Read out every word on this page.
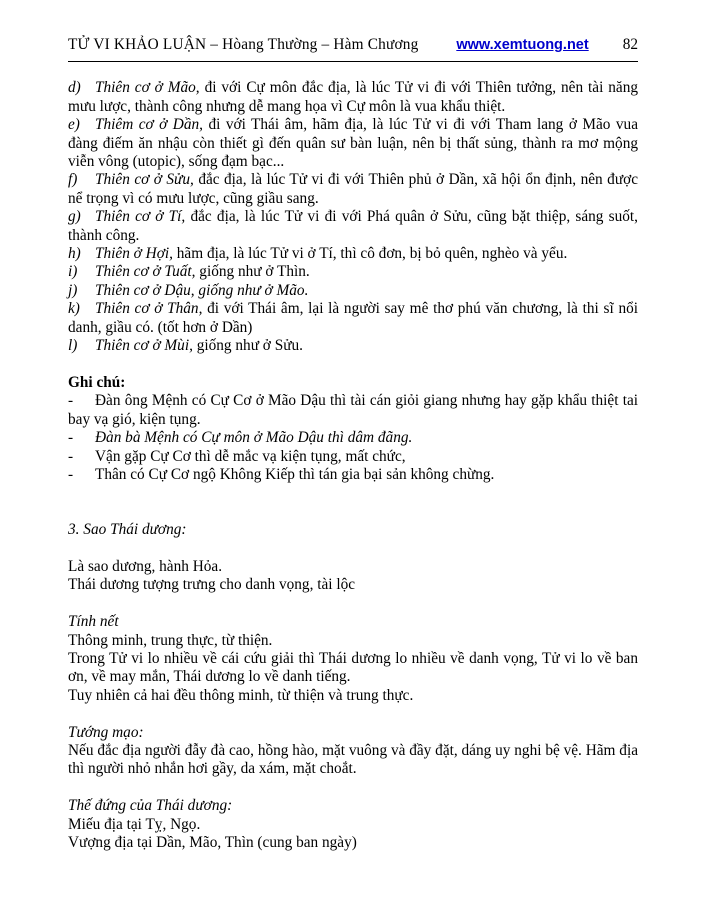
TỬ VI KHẢO LUẬN – Hòang Thường – Hàm Chương	www.xemtuong.net 82

d) Thiên cơ ở Mão, đi với Cự môn đắc địa, là lúc Tử vi đi với Thiên tưởng, nên tài năng mưu lược, thành công nhưng dễ mang họa vì Cự môn là vua khẩu thiệt.

e) Thiêm cơ ở Dần, đi với Thái âm, hãm địa, là lúc Tử vi đi với Tham lang ở Mão vua đàng điếm ăn nhậu còn thiết gì đến quân sư bàn luận, nên bị thất sủng, thành ra mơ mộng viễn vông (utopic), sống đạm bạc...

f) Thiên cơ ở Sửu, đắc địa, là lúc Tử vi đi với Thiên phủ ở Dần, xã hội ổn định, nên được nể trọng vì có mưu lược, cũng giầu sang.

g) Thiên cơ ở Tí, đắc địa, là lúc Tử vi đi với Phá quân ở Sửu, cũng bặt thiệp, sáng suốt, thành công.

h) Thiên ở Hợi, hãm địa, là lúc Tử vi ở Tí, thì cô đơn, bị bỏ quên, nghèo và yểu.

i) Thiên cơ ở Tuất, giống như ở Thìn.

j) Thiên cơ ở Dậu, giống như ở Mão.

k) Thiên cơ ở Thân, đi với Thái âm, lại là người say mê thơ phú văn chương, là thi sĩ nổi danh, giầu có. (tốt hơn ở Dần)

l) Thiên cơ ở Mùi, giống như ở Sửu.

Ghi chú:

- Đàn ông Mệnh có Cự Cơ ở Mão Dậu thì tài cán giỏi giang nhưng hay gặp khẩu thiệt tai bay vạ gió, kiện tụng.

- Đàn bà Mệnh có Cự môn ở Mão Dậu thì dâm đãng.

- Vận gặp Cự Cơ thì dễ mắc vạ kiện tụng, mất chức,

- Thân có Cự Cơ ngộ Không Kiếp thì tán gia bại sản không chừng.

3. Sao Thái dương:

Là sao dương, hành Hỏa.

Thái dương tượng trưng cho danh vọng, tài lộc

Tính nết

Thông minh, trung thực, từ thiện.

Trong Tử vi lo nhiều về cái cứu giải thì Thái dương lo nhiều về danh vọng, Tử vi lo về ban ơn, về may mắn, Thái dương lo về danh tiếng.

Tuy nhiên cả hai đều thông minh, từ thiện và trung thực.

Tướng mạo:

Nếu đắc địa người đẫy đà cao, hồng hào, mặt vuông và đầy đặt, dáng uy nghi bệ vệ. Hãm địa thì người nhỏ nhắn hơi gầy, da xám, mặt choắt.

Thế đứng của Thái dương:

Miếu địa tại Tỵ, Ngọ.

Vượng địa tại Dần, Mão, Thìn (cung ban ngày)
